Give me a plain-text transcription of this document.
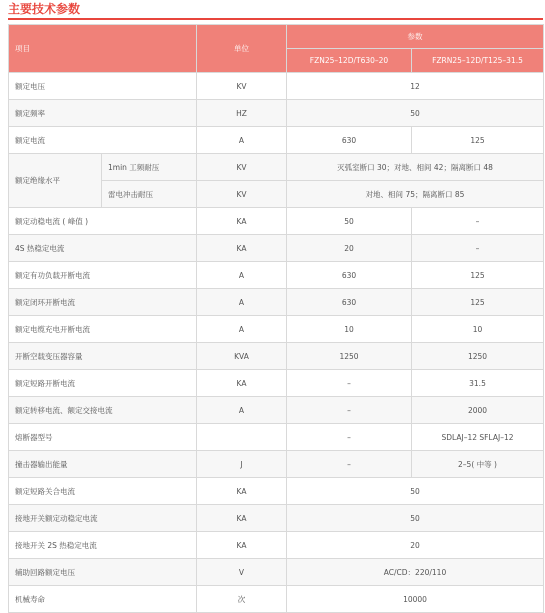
主要技术参数
项目		单位	参数	
			FZN25–12D/T630–20	FZRN25–12D/T125–31.5
额定电压		KV	12	
额定频率		HZ	50	
额定电流		A	630	125
额定绝缘水平	1min 工频耐压	KV	灭弧室断口 30；对地、相间 42；隔离断口 48	
	雷电冲击耐压	KV	对地、相间 75；隔离断口 85	
额定动稳电流 ( 峰值 )		KA	50	–
4S 热稳定电流		KA	20	–
额定有功负载开断电流		A	630	125
额定闭环开断电流		A	630	125
额定电缆充电开断电流		A	10	10
开断空载变压器容量		KVA	1250	1250
额定短路开断电流		KA	–	31.5
额定转移电流、额定交接电流		A	–	2000
熔断器型号			–	SDLAJ–12 SFLAJ–12
撞击器输出能量		J	–	2–5( 中等 )
额定短路关合电流		KA	50	
接地开关额定动稳定电流		KA	50	
接地开关 2S 热稳定电流		KA	20	
辅助回路额定电压		V	AC/CD：220/110	
机械寿命		次	10000	
